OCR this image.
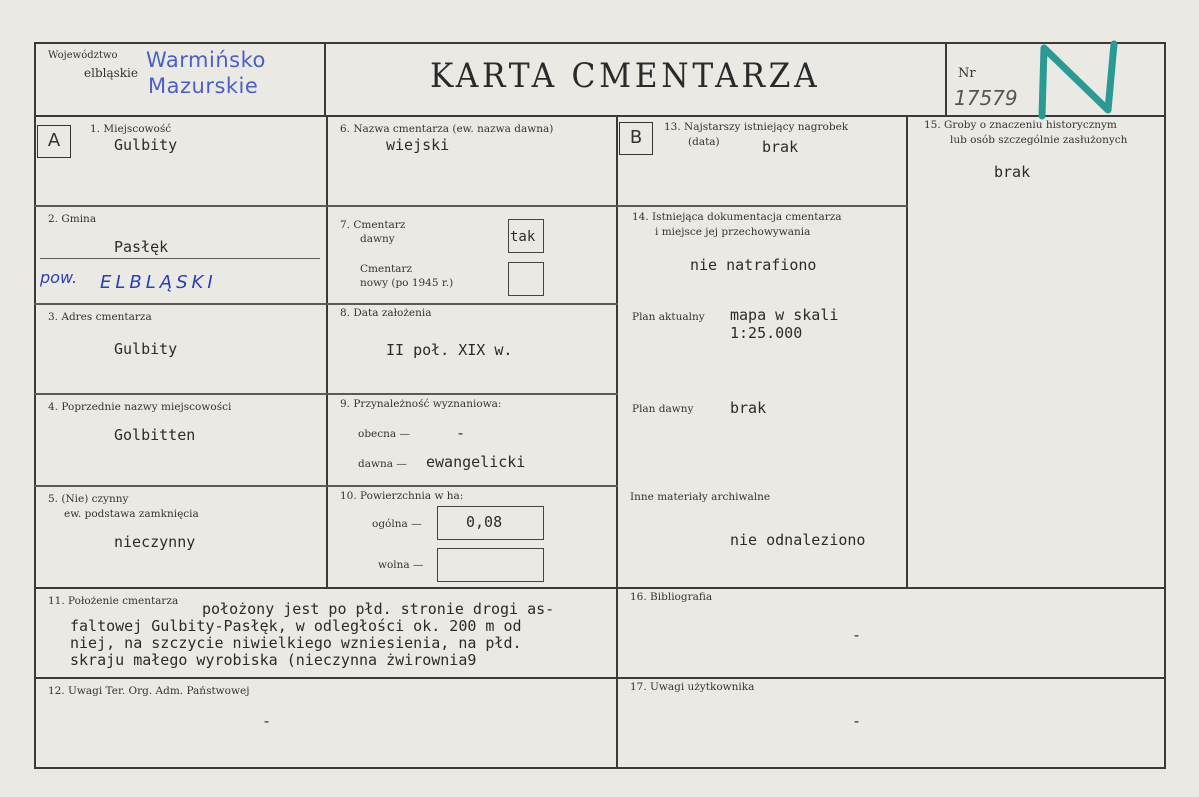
Województwo
elbląskie
Warmińsko
Mazurskie	KARTA CMENTARZA	Nr
17579
A
1. Miejscowość
Gulbity
2. Gmina
Pasłęk
pow. ELBLĄSKI
3. Adres cmentarza
Gulbity
4. Poprzednie nazwy miejscowości
Golbitten
5. (Nie) czynny
ew. podstawa zamknięcia
nieczynny
6. Nazwa cmentarza (ew. nazwa dawna)
wiejski
7. Cmentarz
dawny	tak
Cmentarz
nowy (po 1945 r.)
8. Data założenia
II poł. XIX w.
9. Przynależność wyznaniowa:
obecna —	-
dawna — ewangelicki
10. Powierzchnia w ha:
ogólna —	0,08
wolna —
B	13. Najstarszy istniejący nagrobek
(data)	brak
14. Istniejąca dokumentacja cmentarza
i miejsce jej przechowywania
nie natrafiono
Plan aktualny mapa w skali
1:25.000
Plan dawny brak
Inne materiały archiwalne
nie odnaleziono
15. Groby o znaczeniu historycznym
lub osób szczególnie zasłużonych
brak
11. Położenie cmentarza położony jest po płd. stronie drogi as-
faltowej Gulbity-Pasłęk, w odległości ok. 200 m od
niej, na szczycie niwielkiego wzniesienia, na płd.
skraju małego wyrobiska (nieczynna żwirownia9
12. Uwagi Ter. Org. Adm. Państwowej
-
16. Bibliografia
-
17. Uwagi użytkownika
-
